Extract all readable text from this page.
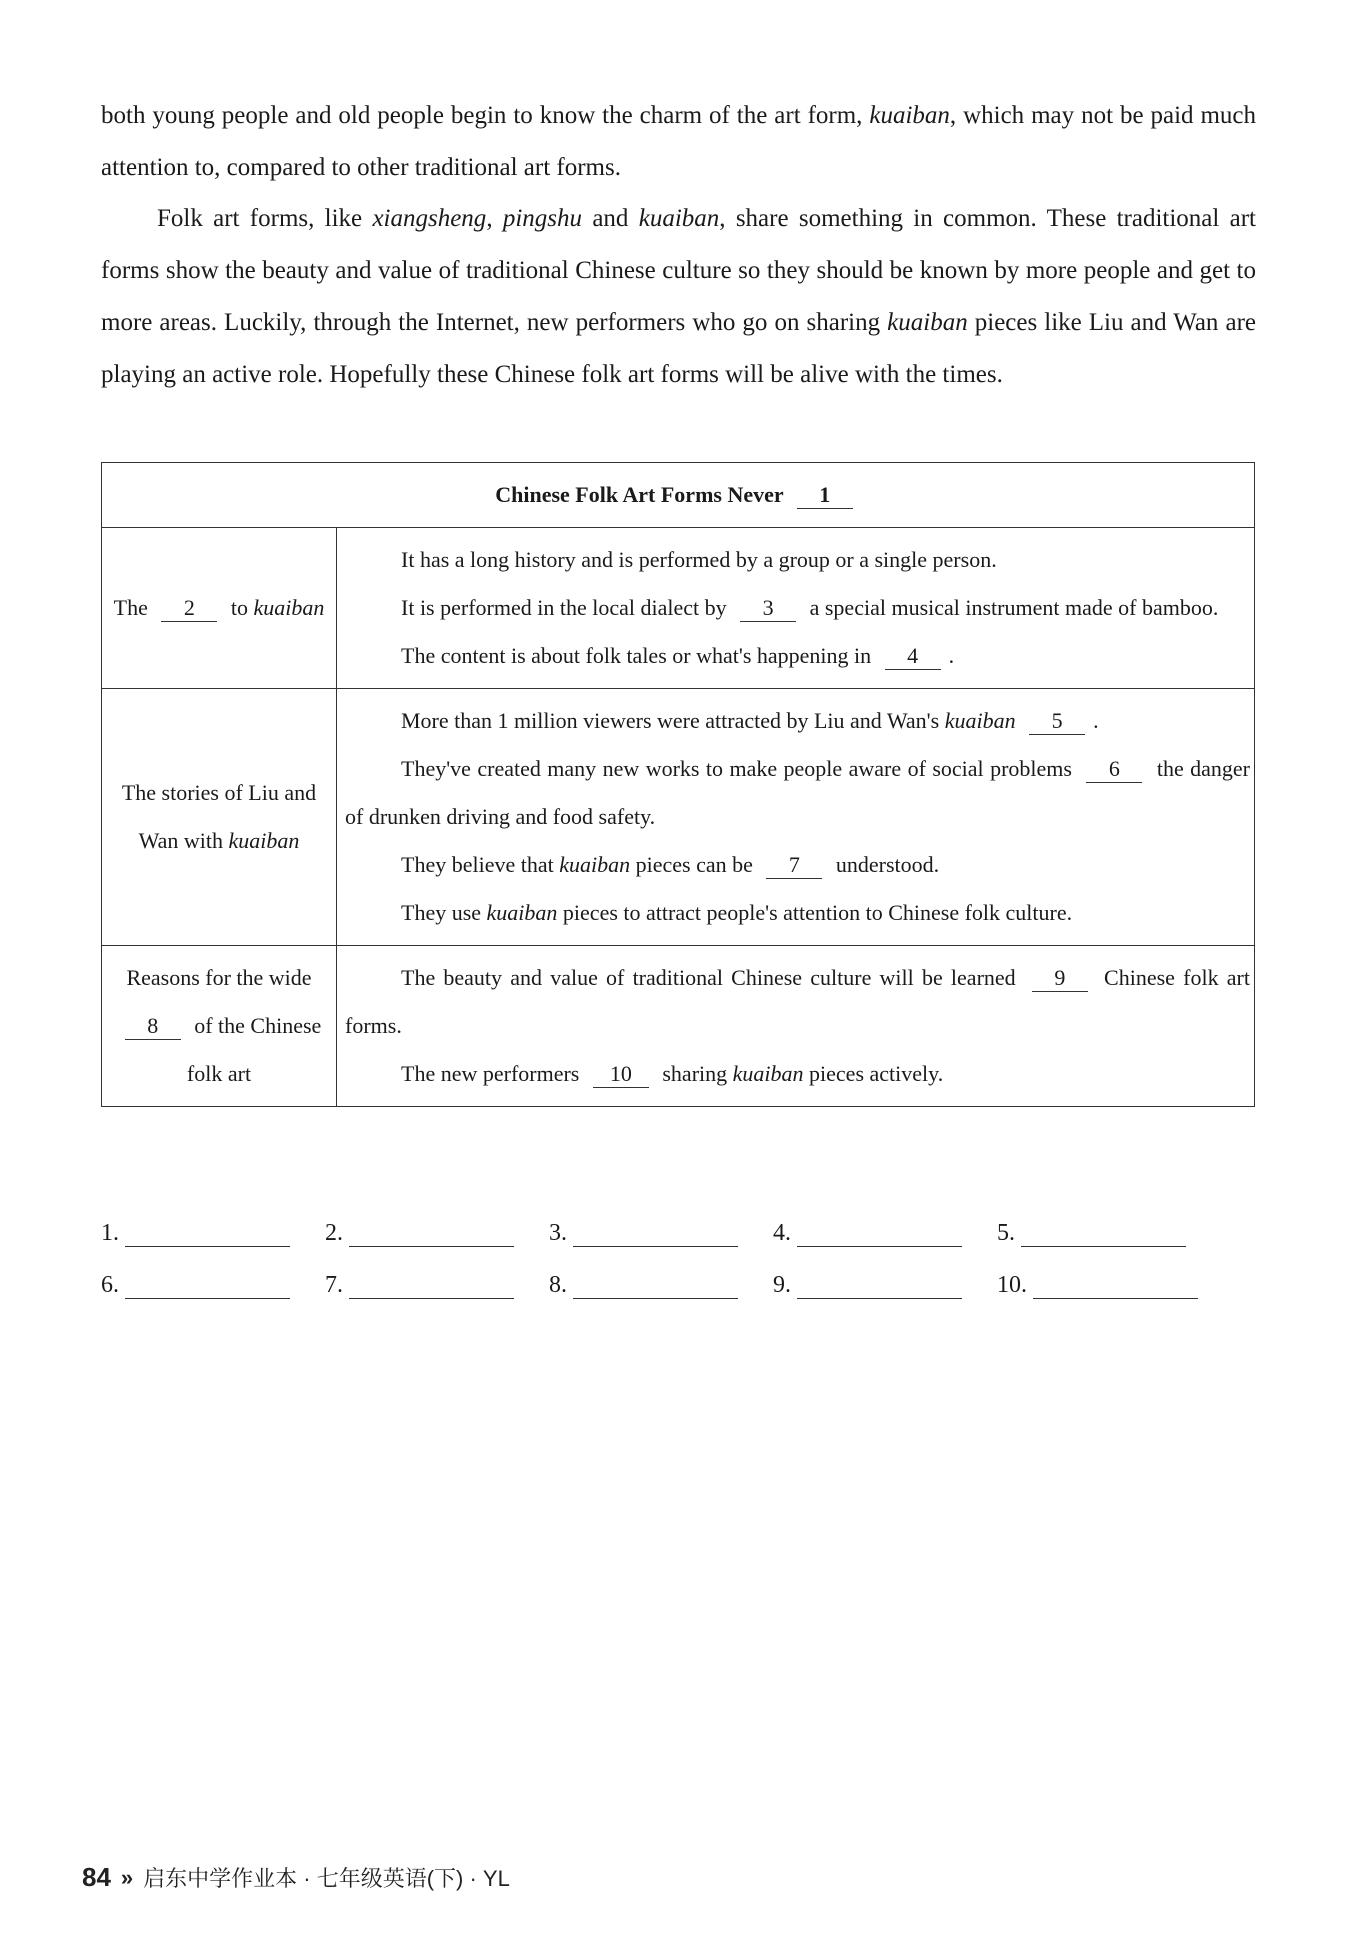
both young people and old people begin to know the charm of the art form, kuaiban, which may not be paid much attention to, compared to other traditional art forms.
Folk art forms, like xiangsheng, pingshu and kuaiban, share something in common. These traditional art forms show the beauty and value of traditional Chinese culture so they should be known by more people and get to more areas. Luckily, through the Internet, new performers who go on sharing kuaiban pieces like Liu and Wan are playing an active role. Hopefully these Chinese folk art forms will be alive with the times.
Chinese Folk Art Forms Never 1	
The 2 to kuaiban	It has a long history and is performed by a group or a single person.
It is performed in the local dialect by 3 a special musical instrument made of bamboo.
The content is about folk tales or what's happening in 4 .

The stories of Liu and Wan with kuaiban	More than 1 million viewers were attracted by Liu and Wan's kuaiban 5 .
They've created many new works to make people aware of social problems 6 the danger of drunken driving and food safety.
They believe that kuaiban pieces can be 7 understood.
They use kuaiban pieces to attract people's attention to Chinese folk culture.

Reasons for the wide 8 of the Chinese folk art	The beauty and value of traditional Chinese culture will be learned 9 Chinese folk art forms.
The new performers 10 sharing kuaiban pieces actively.
1.	2.	3.	4.	5.
6.	7.	8.	9.	10.
84 » 启东中学作业本 · 七年级英语(下) · YL
